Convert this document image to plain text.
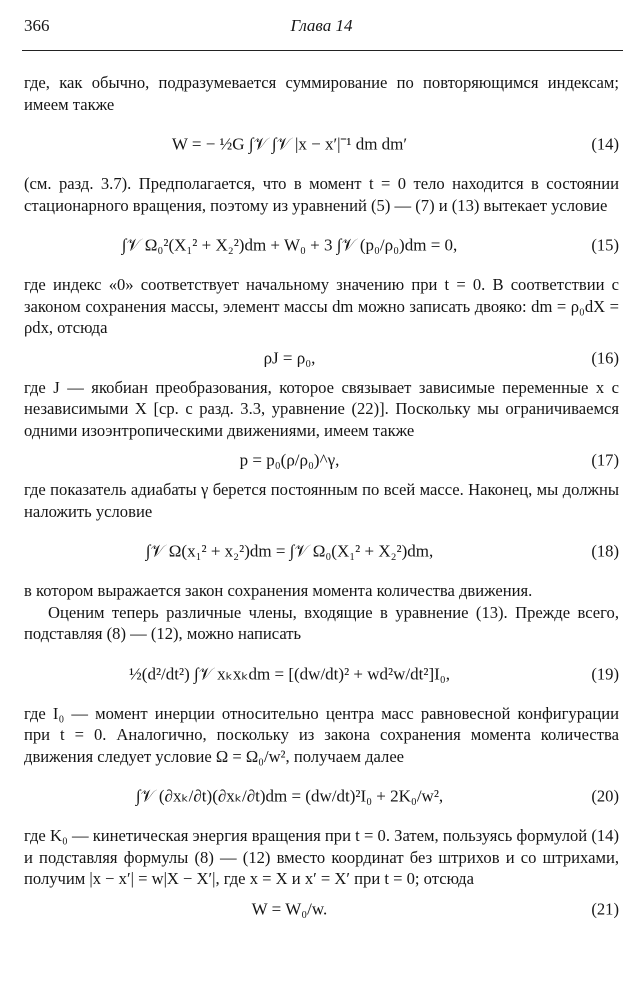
366	Глава 14

где, как обычно, подразумевается суммирование по повторяющимся индексам; имеем также

W = − ½G ∫𝒱 ∫𝒱 |x − x′|⁻¹ dm dm′	(14)

(см. разд. 3.7). Предполагается, что в момент t = 0 тело находится в состоянии стационарного вращения, поэтому из уравнений (5) — (7) и (13) вытекает условие

∫𝒱 Ω₀²(X₁² + X₂²)dm + W₀ + 3 ∫𝒱 (p₀/ρ₀)dm = 0,	(15)

где индекс «0» соответствует начальному значению при t = 0. В соответствии с законом сохранения массы, элемент массы dm можно записать двояко: dm = ρ₀dX = ρdx, отсюда

ρJ = ρ₀,	(16)

где J — якобиан преобразования, которое связывает зависимые переменные x с независимыми X [ср. с разд. 3.3, уравнение (22)]. Поскольку мы ограничиваемся одними изоэнтропическими движениями, имеем также

p = p₀(ρ/ρ₀)^γ,	(17)

где показатель адиабаты γ берется постоянным по всей массе. Наконец, мы должны наложить условие

∫𝒱 Ω(x₁² + x₂²)dm = ∫𝒱 Ω₀(X₁² + X₂²)dm,	(18)

в котором выражается закон сохранения момента количества движения.

Оценим теперь различные члены, входящие в уравнение (13). Прежде всего, подставляя (8) — (12), можно написать

½(d²/dt²) ∫𝒱 xₖxₖdm = [(dw/dt)² + wd²w/dt²]I₀,	(19)

где I₀ — момент инерции относительно центра масс равновесной конфигурации при t = 0. Аналогично, поскольку из закона сохранения момента количества движения следует условие Ω = Ω₀/w², получаем далее

∫𝒱 (∂xₖ/∂t)(∂xₖ/∂t)dm = (dw/dt)²I₀ + 2K₀/w²,	(20)

где K₀ — кинетическая энергия вращения при t = 0. Затем, пользуясь формулой (14) и подставляя формулы (8) — (12) вместо координат без штрихов и со штрихами, получим |x − x′| = w|X − X′|, где x = X и x′ = X′ при t = 0; отсюда

W = W₀/w.	(21)
